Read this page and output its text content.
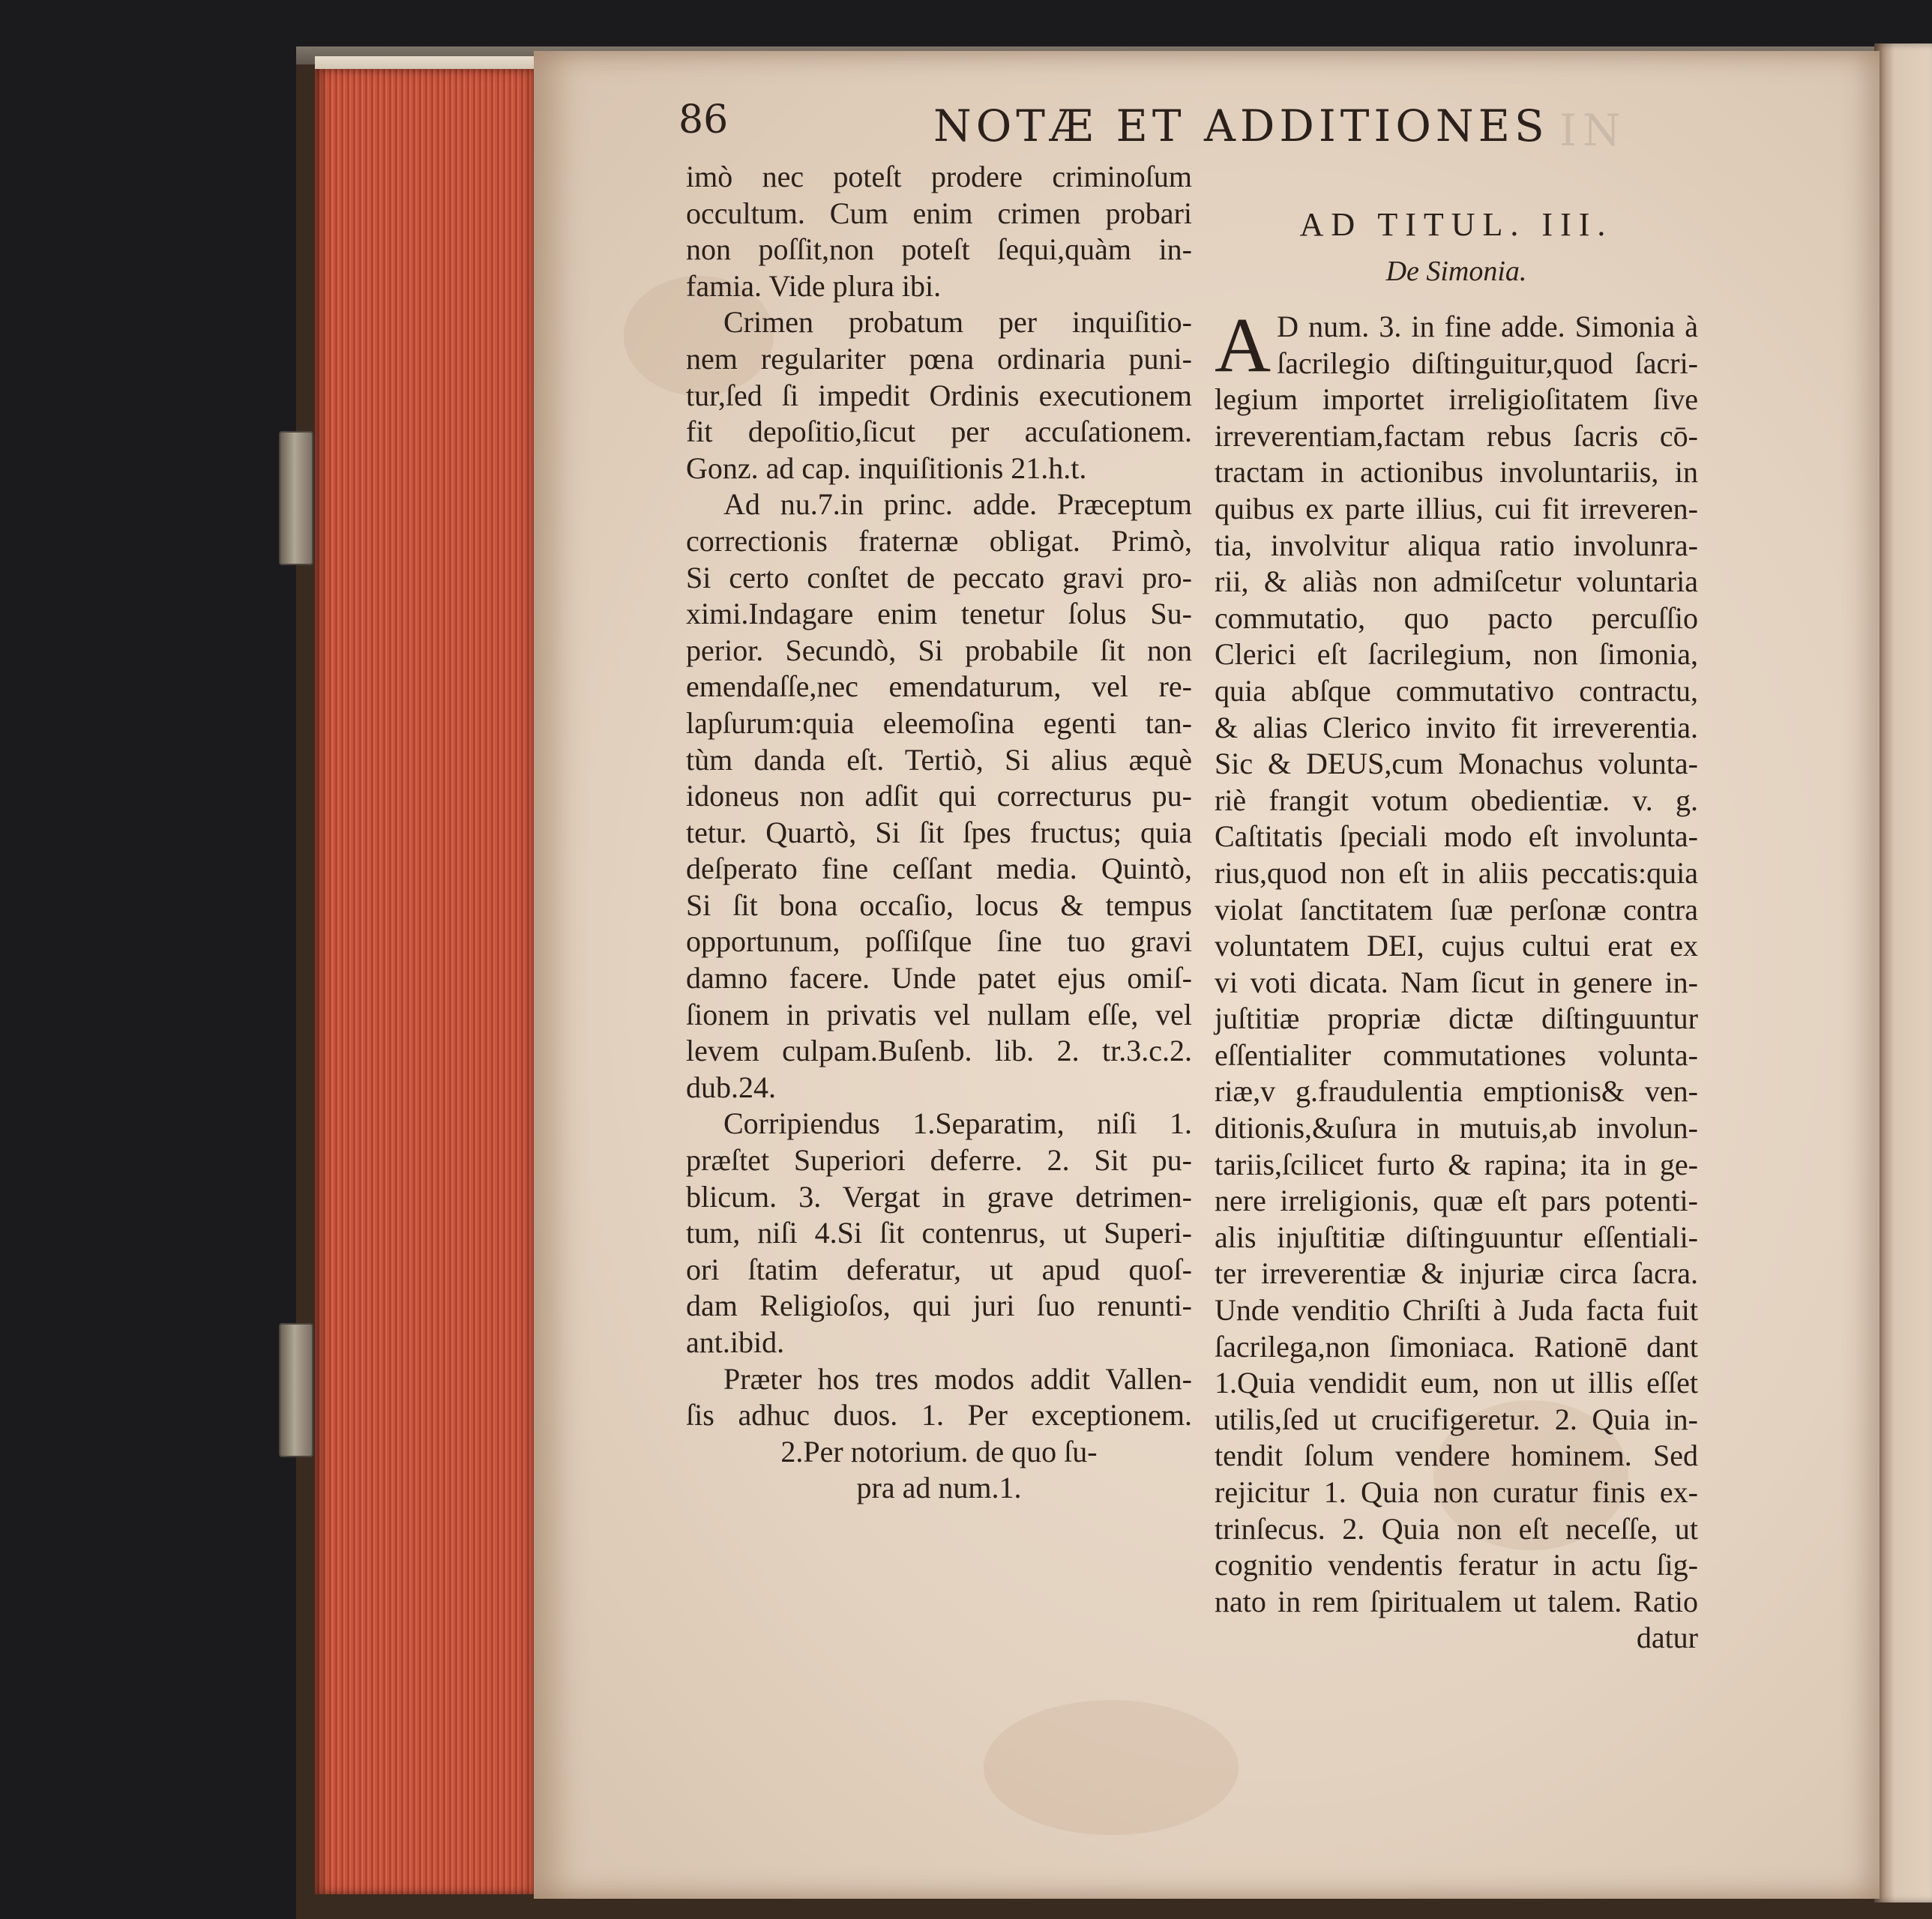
86	NOTÆ ET ADDITIONES IN
imò nec poteſt prodere criminoſum
occultum. Cum enim crimen probari
non poſſit,non poteſt ſequi,quàm in-
famia. Vide plura ibi.
Crimen probatum per inquiſitio-
nem regulariter pœna ordinaria puni-
tur,ſed ſi impedit Ordinis executionem
fit depoſitio,ſicut per accuſationem.
Gonz. ad cap. inquiſitionis 21.h.t.
Ad nu.7.in princ. adde. Præceptum
correctionis fraternæ obligat. Primò,
Si certo conſtet de peccato gravi pro-
ximi.Indagare enim tenetur ſolus Su-
perior. Secundò, Si probabile ſit non
emendaſſe,nec emendaturum, vel re-
lapſurum:quia eleemoſina egenti tan-
tùm danda eſt. Tertiò, Si alius æquè
idoneus non adſit qui correcturus pu-
tetur. Quartò, Si ſit ſpes fructus; quia
deſperato fine ceſſant media. Quintò,
Si ſit bona occaſio, locus & tempus
opportunum, poſſiſque ſine tuo gravi
damno facere. Unde patet ejus omiſ-
ſionem in privatis vel nullam eſſe, vel
levem culpam.Buſenb. lib. 2. tr.3.c.2.
dub.24.
Corripiendus 1.Separatim, niſi 1.
præſtet Superiori deferre. 2. Sit pu-
blicum. 3. Vergat in grave detrimen-
tum, niſi 4.Si ſit contenrus, ut Superi-
ori ſtatim deferatur, ut apud quoſ-
dam Religioſos, qui juri ſuo renunti-
ant.ibid.
Præter hos tres modos addit Vallen-
ſis adhuc duos. 1. Per exceptionem.
2.Per notorium. de quo ſu-
pra ad num.1.
AD TITUL. III.
De Simonia.
A D num. 3. in fine adde. Simonia à
ſacrilegio diſtinguitur,quod ſacri-
legium importet irreligioſitatem ſive
irreverentiam,factam rebus ſacris cō-
tractam in actionibus involuntariis, in
quibus ex parte illius, cui fit irreveren-
tia, involvitur aliqua ratio involunra-
rii, & aliàs non admiſcetur voluntaria
commutatio, quo pacto percuſſio
Clerici eſt ſacrilegium, non ſimonia,
quia abſque commutativo contractu,
& alias Clerico invito fit irreverentia.
Sic & DEUS,cum Monachus volunta-
riè frangit votum obedientiæ. v. g.
Caſtitatis ſpeciali modo eſt involunta-
rius,quod non eſt in aliis peccatis:quia
violat ſanctitatem ſuæ perſonæ contra
voluntatem DEI, cujus cultui erat ex
vi voti dicata. Nam ſicut in genere in-
juſtitiæ propriæ dictæ diſtinguuntur
eſſentialiter commutationes volunta-
riæ,v g.fraudulentia emptionis& ven-
ditionis,&uſura in mutuis,ab involun-
tariis,ſcilicet furto & rapina; ita in ge-
nere irreligionis, quæ eſt pars potenti-
alis injuſtitiæ diſtinguuntur eſſentiali-
ter irreverentiæ & injuriæ circa ſacra.
Unde venditio Chriſti à Juda facta fuit
ſacrilega,non ſimoniaca. Rationē dant
1.Quia vendidit eum, non ut illis eſſet
utilis,ſed ut crucifigeretur. 2. Quia in-
tendit ſolum vendere hominem. Sed
rejicitur 1. Quia non curatur finis ex-
trinſecus. 2. Quia non eſt neceſſe, ut
cognitio vendentis feratur in actu ſig-
nato in rem ſpiritualem ut talem. Ratio
datur
